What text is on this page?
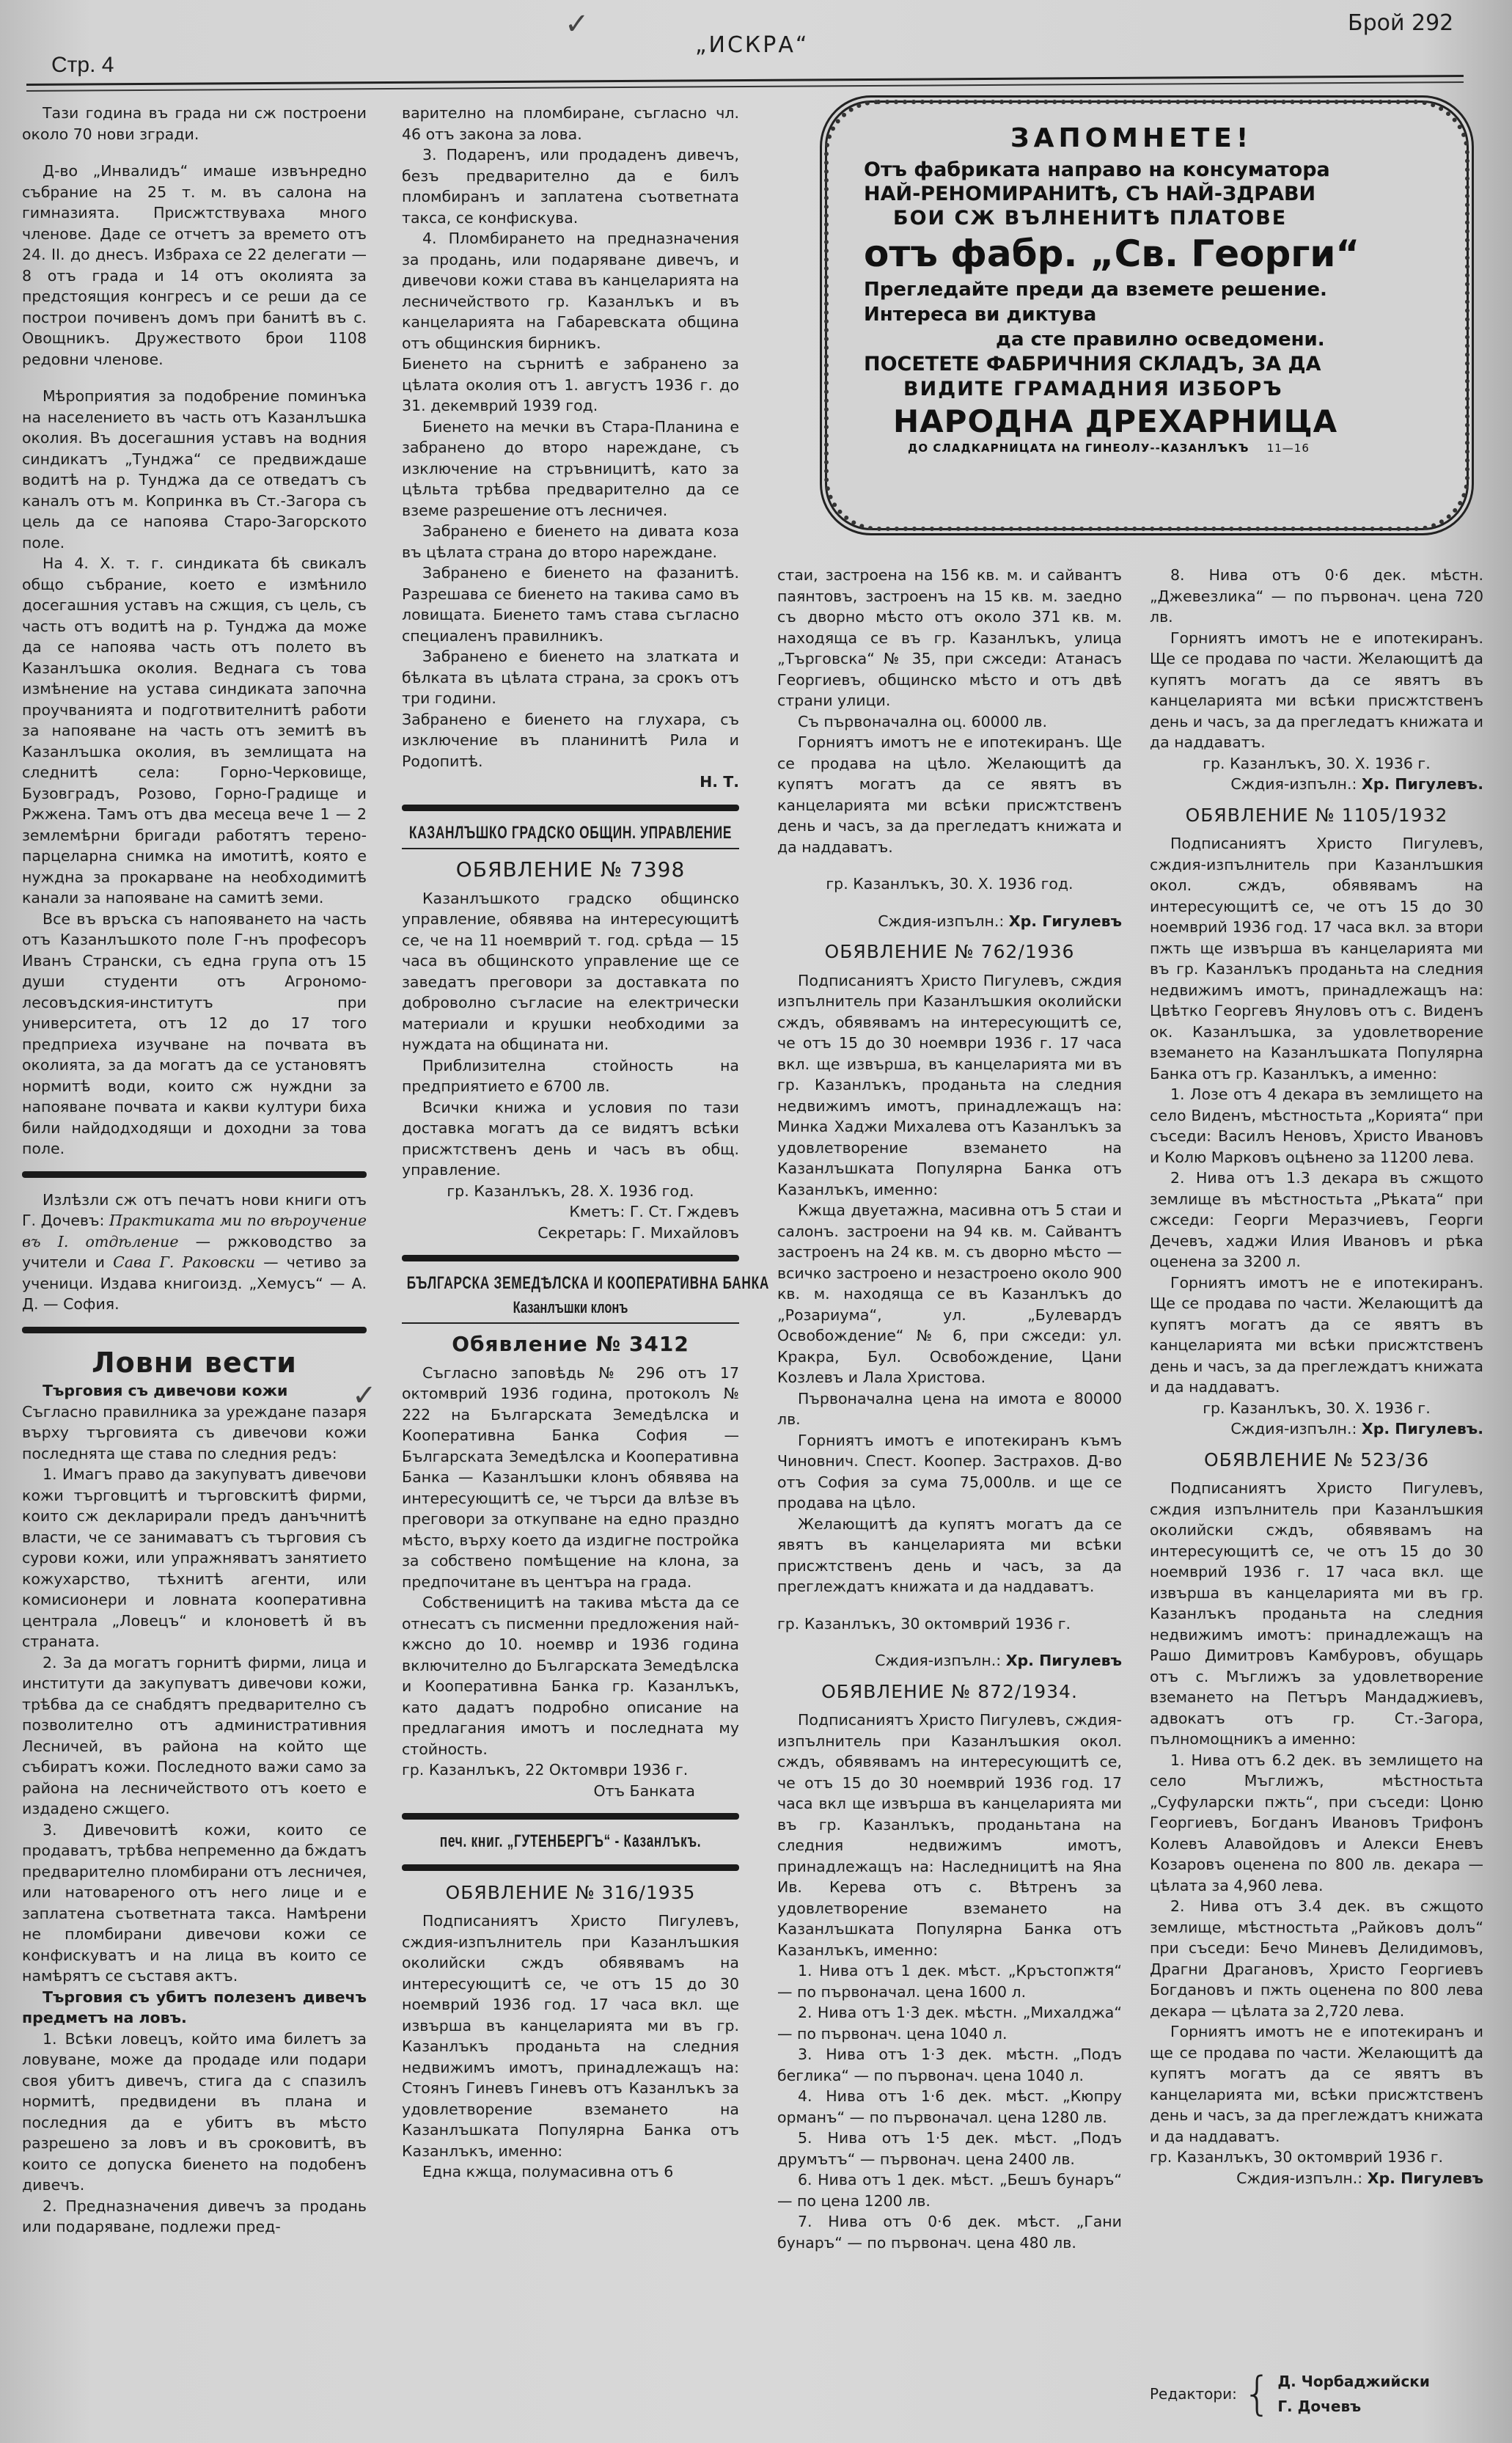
Стр. 4
„ИСКРА“
Брой 292

Тази година въ града ни сж построени около 70 нови згради.

Д-во „Инвалидъ“ имаше извънредно събрание на 25 т. м. въ салона на гимназията. Присжтствуваха много членове. Даде се отчетъ за времето отъ 24. II. до днесъ. Избраха се 22 делегати — 8 отъ града и 14 отъ околията за предстоящия конгресъ и се реши да се построи почивенъ домъ при банитѣ въ с. Овощникъ. Дружеството брои 1108 редовни членове.

Мѣроприятия за подобрение поминъка на населението въ часть отъ Казанлъшка околия. Въ досегашния уставъ на водния синдикатъ „Тунджа“ се предвиждаше водитѣ на р. Тунджа да се отведатъ съ каналъ отъ м. Копринка въ Ст.-Загора съ цель да се напоява Старо-Загорското поле.

На 4. X. т. г. синдиката бѣ свикалъ общо събрание, което е измѣнило досегашния уставъ на сжщия, съ цель, съ часть отъ водитѣ на р. Тунджа да може да се напоява часть отъ полето въ Казанлъшка околия. Веднага съ това измѣнение на устава синдиката започна проучванията и подготвителнитѣ работи за напояване на часть отъ земитѣ въ Казанлъшка околия, въ землищата на следнитѣ села: Горно-Черковище, Бузовградъ, Розово, Горно-Градище и Ржжена. Тамъ отъ два месеца вече 1 — 2 землемѣрни бригади работятъ терено-парцеларна снимка на имотитѣ, която е нуждна за прокарване на необходимитѣ канали за напояване на самитѣ земи.

Все въ връска съ напояването на часть отъ Казанлъшкото поле Г-нъ професоръ Иванъ Странски, съ една група отъ 15 души студенти отъ Агрономо-лесовъдския-институтъ при университета, отъ 12 до 17 того предприеха изучване на почвата въ околията, за да могатъ да се установятъ нормитѣ води, които сж нуждни за напояване почвата и какви култури биха били найдодходящи и доходни за това поле.

Излѣзли сж отъ печатъ нови книги отъ Г. Дочевъ: Практиката ми по вѣроучение въ I. отдѣление — ржководство за учители и Сава Г. Раковски — четиво за ученици. Издава книгоизд. „Хемусъ“ — А. Д. — София.

Ловни вести

Търговия съ дивечови кожи

Съгласно правилника за уреждане пазаря върху търговията съ дивечови кожи последнята ще става по следния редъ:

1. Имагъ право да закупуватъ дивечови кожи търговцитѣ и търговскитѣ фирми, които сж декларирали предъ данъчнитѣ власти, че се занимаватъ съ търговия съ сурови кожи, или упражняватъ занятието кожухарство, тѣхнитѣ агенти, или комисионери и ловната кооперативна централа „Ловецъ“ и клоноветѣ й въ страната.

2. За да могатъ горнитѣ фирми, лица и институти да закупуватъ дивечови кожи, трѣбва да се снабдятъ предварително съ позволително отъ административния Лесничей, въ района на който ще събиратъ кожи. Последното важи само за района на лесничейството отъ което е издадено сжщего.

3. Дивечовитѣ кожи, които се продаватъ, трѣбва непременно да бждатъ предварително пломбирани отъ лесничея, или натовареного отъ него лице и е заплатена съответната такса. Намѣрени не пломбирани дивечови кожи се конфискуватъ и на лица въ които се намѣрятъ се съставя актъ.

Търговия съ убитъ полезенъ дивечъ предметъ на ловъ.

1. Всѣки ловецъ, който има билетъ за ловуване, може да продаде или подари своя убитъ дивечъ, стига да с спазилъ нормитѣ, предвидени въ плана и последния да е убитъ въ мѣсто разрешено за ловъ и въ сроковитѣ, въ които се допуска биенето на подобенъ дивечъ.

2. Предназначения дивечъ за продань или подаряване, подлежи пред-

варително на пломбиране, съгласно чл. 46 отъ закона за лова.

3. Подаренъ, или продаденъ дивечъ, безъ предварително да е билъ пломбиранъ и заплатена съответната такса, се конфискува.

4. Пломбирането на предназначения за продань, или подаряване дивечъ, и дивечови кожи става въ канцеларията на лесничейството гр. Казанлъкъ и въ канцеларията на Габаревската община отъ общинския бирникъ.

Биенето на сърнитѣ е забранено за цѣлата околия отъ 1. августъ 1936 г. до 31. декемврий 1939 год.

Биенето на мечки въ Стара-Планина е забранено до второ нареждане, съ изключение на стръвницитѣ, като за цѣльта трѣбва предварително да се вземе разрешение отъ лесничея.

Забранено е биенето на дивата коза въ цѣлата страна до второ нареждане.

Забранено е биенето на фазанитѣ. Разрешава се биенето на такива само въ ловищата. Биенето тамъ става съгласно специаленъ правилникъ.

Забранено е биенето на златката и бѣлката въ цѣлата страна, за срокъ отъ три години.

Забранено е биенето на глухара, съ изключение въ планинитѣ Рила и Родопитѣ.

Н. Т.
КАЗАНЛЪШКО ГРАДСКО ОБЩИН. УПРАВЛЕНИЕ
ОБЯВЛЕНИЕ № 7398

Казанлъшкото градско общинско управление, обявява на интересующитѣ се, че на 11 ноемврий т. год. срѣда — 15 часа въ общинското управление ще се заведатъ преговори за доставката по доброволно съгласие на електрически материали и крушки необходими за нуждата на общината ни.

Приблизителна стойность на предприятието е 6700 лв.

Всички книжа и условия по тази доставка могатъ да се видятъ всѣки присжтственъ день и часъ въ общ. управление.

гр. Казанлъкъ, 28. X. 1936 год.

Кметъ: Г. Ст. Гждевъ

Секретарь: Г. Михайловъ

БЪЛГАРСКА ЗЕМЕДѢЛСКА И КООПЕРАТИВНА БАНКА
Казанлъшки клонъ
Обявление № 3412

Съгласно заповѣдь № 296 отъ 17 октомврий 1936 година, протоколъ № 222 на Българската Земедѣлска и Кооперативна Банка София — Българската Земедѣлска и Кооперативна Банка — Казанлъшки клонъ обявява на интересующитѣ се, че търси да влѣзе въ преговори за откупване на едно праздно мѣсто, върху което да издигне постройка за собствено помѣщение на клона, за предпочитане въ центъра на града.

Собственицитѣ на такива мѣста да се отнесатъ съ писменни предложения най-кжсно до 10. ноемвр и 1936 година включително до Българската Земедѣлска и Кооперативна Банка гр. Казанлъкъ, като дадатъ подробно описание на предлагания имотъ и последната му стойность.

гр. Казанлъкъ, 22 Октомври 1936 г.

Отъ Банката

печ. книг. „ГУТЕНБЕРГЪ“ - Казанлъкъ.
ОБЯВЛЕНИЕ № 316/1935

Подписаниятъ Христо Пигулевъ, сждия-изпълнитель при Казанлъшкия околийски сждъ обявявамъ на интересующитѣ се, че отъ 15 до 30 ноемврий 1936 год. 17 часа вкл. ще извърша въ канцеларията ми въ гр. Казанлъкъ проданьта на следния недвижимъ имотъ, принадлежащъ на: Стоянъ Гиневъ Гиневъ отъ Казанлъкъ за удовлетворение вземането на Казанлъшката Популярна Банка отъ Казанлъкъ, именно:

Една кжща, полумасивна отъ 6

ЗАПОМНЕТЕ!
Отъ фабриката направо на консуматора
НАЙ-РЕНОМИРАНИТѢ, СЪ НАЙ-ЗДРАВИ
БОИ СЖ ВЪЛНЕНИТѢ ПЛАТОВЕ
отъ фабр. „Св. Георги“
Прегледайте преди да вземете решение.
Интереса ви диктува
да сте правилно осведомени.
ПОСЕТЕТЕ ФАБРИЧНИЯ СКЛАДЪ, ЗА ДА
ВИДИТЕ ГРАМАДНИЯ ИЗБОРЪ
НАРОДНА ДРЕХАРНИЦА
ДО СЛАДКАРНИЦАТА НА ГИНЕОЛУ--КАЗАНЛЪКЪ 11—16

стаи, застроена на 156 кв. м. и сайвантъ паянтовъ, застроенъ на 15 кв. м. заедно съ дворно мѣсто отъ около 371 кв. м. находяща се въ гр. Казанлъкъ, улица „Търговска“ № 35, при сжседи: Атанасъ Георгиевъ, общинско мѣсто и отъ двѣ страни улици.

Съ първоначална оц. 60000 лв.

Горниятъ имотъ не е ипотекиранъ. Ще се продава на цѣло. Желающитѣ да купятъ могатъ да се явятъ въ канцеларията ми всѣки присжтственъ день и часъ, за да прегледатъ книжата и да наддаватъ.

гр. Казанлъкъ, 30. X. 1936 год.

Сждия-изпълн.: Хр. Гигулевъ

ОБЯВЛЕНИЕ № 762/1936

Подписаниятъ Христо Пигулевъ, сждия изпълнитель при Казанлъшкия околийски сждъ, обявявамъ на интересующитѣ се, че отъ 15 до 30 ноември 1936 г. 17 часа вкл. ще извърша, въ канцеларията ми въ гр. Казанлъкъ, проданьта на следния недвижимъ имотъ, принадлежащъ на: Минка Хаджи Михалева отъ Казанлъкъ за удовлетворение вземането на Казанлъшката Популярна Банка отъ Казанлъкъ, именно:

Кжща двуетажна, масивна отъ 5 стаи и салонъ. застроени на 94 кв. м. Сайвантъ застроенъ на 24 кв. м. съ дворно мѣсто — всичко застроено и незастроено около 900 кв. м. находяща се въ Казанлъкъ до „Розариума“, ул. „Булевардъ Освобождение“ № 6, при сжседи: ул. Кракра, Бул. Освобождение, Цани Козлевъ и Лала Христова.

Първоначална цена на имота е 80000 лв.

Горниятъ имотъ е ипотекиранъ къмъ Чиновнич. Спест. Коопер. Застрахов. Д-во отъ София за сума 75,000лв. и ще се продава на цѣло.

Желающитѣ да купятъ могатъ да се явятъ въ канцеларията ми всѣки присжтственъ день и часъ, за да преглеждатъ книжата и да наддаватъ.

гр. Казанлъкъ, 30 октомврий 1936 г.

Сждия-изпълн.: Хр. Пигулевъ

ОБЯВЛЕНИЕ № 872/1934.

Подписаниятъ Христо Пигулевъ, сждия-изпълнитель при Казанлъшкия окол. сждъ, обявявамъ на интересующитѣ се, че отъ 15 до 30 ноемврий 1936 год. 17 часа вкл ще извърша въ канцеларията ми въ гр. Казанлъкъ, проданьтана на следния недвижимъ имотъ, принадлежащъ на: Наследницитѣ на Яна Ив. Керева отъ с. Вѣтренъ за удовлетворение вземането на Казанлъшката Популярна Банка отъ Казанлъкъ, именно:

1. Нива отъ 1 дек. мѣст. „Кръстопжтя“ — по първоначал. цена 1600 л.

2. Нива отъ 1·3 дек. мѣстн. „Михалджа“ — по първонач. цена 1040 л.

3. Нива отъ 1·3 дек. мѣстн. „Подъ беглика“ — по първонач. цена 1040 л.

4. Нива отъ 1·6 дек. мѣст. „Кюпру орманъ“ — по първоначал. цена 1280 лв.

5. Нива отъ 1·5 дек. мѣст. „Подъ друмътъ“ — първонач. цена 2400 лв.

6. Нива отъ 1 дек. мѣст. „Бешъ бунаръ“ — по цена 1200 лв.

7. Нива отъ 0·6 дек. мѣст. „Гани бунаръ“ — по първонач. цена 480 лв.

8. Нива отъ 0·6 дек. мѣстн. „Джевезлика“ — по първонач. цена 720 лв.

Горниятъ имотъ не е ипотекиранъ. Ще се продава по части. Желающитѣ да купятъ могатъ да се явятъ въ канцеларията ми всѣки присжтственъ день и часъ, за да прегледатъ книжата и да наддаватъ.

гр. Казанлъкъ, 30. X. 1936 г.

Сждия-изпълн.: Хр. Пигулевъ.

ОБЯВЛЕНИЕ № 1105/1932

Подписаниятъ Христо Пигулевъ, сждия-изпълнитель при Казанлъшкия окол. сждъ, обявявамъ на интересующитѣ се, че отъ 15 до 30 ноемврий 1936 год. 17 часа вкл. за втори пжть ще извърша въ канцеларията ми въ гр. Казанлъкъ проданьта на следния недвижимъ имотъ, принадлежащъ на: Цвѣтко Георгевъ Януловъ отъ с. Виденъ ок. Казанлъшка, за удовлетворение вземането на Казанлъшката Популярна Банка отъ гр. Казанлъкъ, а именно:

1. Лозе отъ 4 декара въ землището на село Виденъ, мѣстностьта „Корията“ при съседи: Василъ Неновъ, Христо Ивановъ и Колю Марковъ оцѣнено за 11200 лева.

2. Нива отъ 1.3 декара въ сжщото землище въ мѣстностьта „Рѣката“ при сжседи: Георги Меразчиевъ, Георги Дечевъ, хаджи Илия Ивановъ и рѣка оценена за 3200 л.

Горниятъ имотъ не е ипотекиранъ. Ще се продава по части. Желающитѣ да купятъ могатъ да се явятъ въ канцеларията ми всѣки присжтственъ день и часъ, за да преглеждатъ книжата и да наддаватъ.

гр. Казанлъкъ, 30. X. 1936 г.

Сждия-изпълн.: Хр. Пигулевъ.

ОБЯВЛЕНИЕ № 523/36

Подписаниятъ Христо Пигулевъ, сждия изпълнитель при Казанлъшкия околийски сждъ, обявявамъ на интересующитѣ се, че отъ 15 до 30 ноемврий 1936 г. 17 часа вкл. ще извърша въ канцеларията ми въ гр. Казанлъкъ проданьта на следния недвижимъ имотъ: принадлежащъ на Рашо Димитровъ Камбуровъ, обущарь отъ с. Мъглижъ за удовлетворение вземането на Петъръ Мандаджиевъ, адвокатъ отъ гр. Ст.-Загора, пълномощникъ а именно:

1. Нива отъ 6.2 дек. въ землището на село Мъглижъ, мѣстностьта „Суфуларски пжть“, при съседи: Цоню Георгиевъ, Богданъ Ивановъ Трифонъ Колевъ Алавойдовъ и Алекси Еневъ Козаровъ оценена по 800 лв. декара — цѣлата за 4,960 лева.

2. Нива отъ 3.4 дек. въ сжщото землище, мѣстностьта „Райковъ долъ“ при съседи: Бечо Миневъ Делидимовъ, Драгни Драгановъ, Христо Георгиевъ Богдановъ и пжть оценена по 800 лева декара — цѣлата за 2,720 лева.

Горниятъ имотъ не е ипотекиранъ и ще се продава по части. Желающитѣ да купятъ могатъ да се явятъ въ канцеларията ми, всѣки присжтственъ день и часъ, за да преглеждатъ книжата и да наддаватъ.

гр. Казанлъкъ, 30 октомврий 1936 г.

Сждия-изпълн.: Хр. Пигулевъ

Редактори: { Д. Чорбаджийски
Г. Дочевъ
✓
✓
